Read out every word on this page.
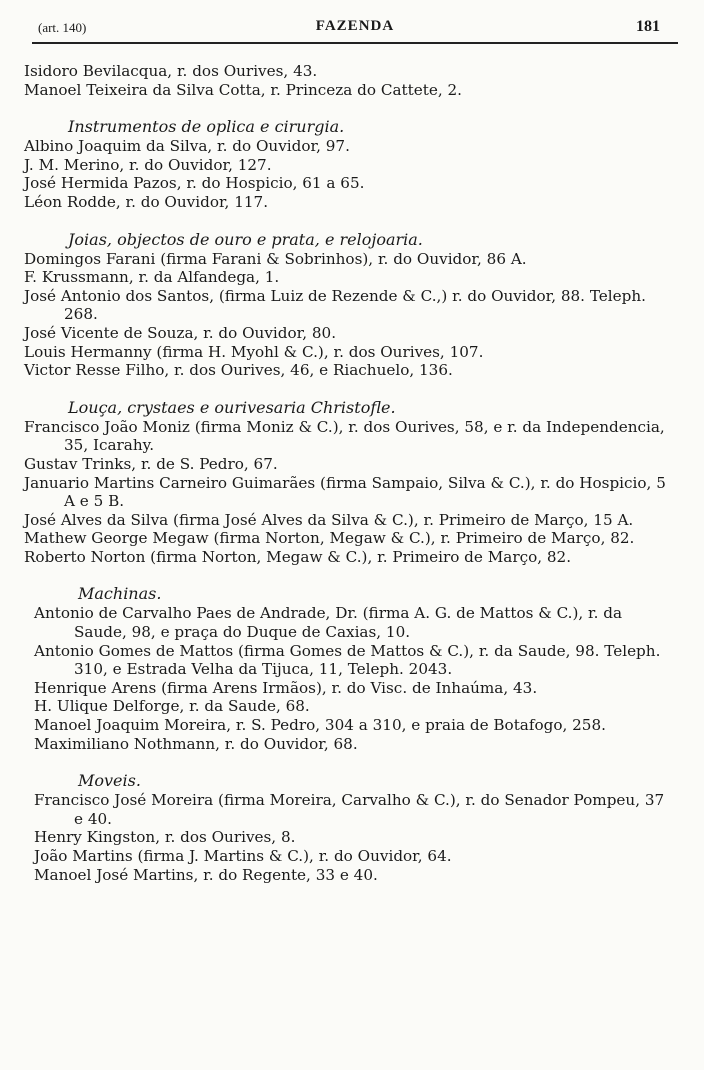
(art. 140)	FAZENDA	181

Isidoro Bevilacqua, r. dos Ourives, 43.

Manoel Teixeira da Silva Cotta, r. Princeza do Cattete, 2.

Instrumentos de oplica e cirurgia.

Albino Joaquim da Silva, r. do Ouvidor, 97.

J. M. Merino, r. do Ouvidor, 127.

José Hermida Pazos, r. do Hospicio, 61 a 65.

Léon Rodde, r. do Ouvidor, 117.

Joias, objectos de ouro e prata, e relojoaria.

Domingos Farani (firma Farani & Sobrinhos), r. do Ouvidor, 86 A.

F. Krussmann, r. da Alfandega, 1.

José Antonio dos Santos, (firma Luiz de Rezende & C.,) r. do Ouvidor, 88. Teleph. 268.

José Vicente de Souza, r. do Ouvidor, 80.

Louis Hermanny (firma H. Myohl & C.), r. dos Ourives, 107.

Victor Resse Filho, r. dos Ourives, 46, e Riachuelo, 136.

Louça, crystaes e ourivesaria Christofle.

Francisco João Moniz (firma Moniz & C.), r. dos Ourives, 58, e r. da Independencia, 35, Icarahy.

Gustav Trinks, r. de S. Pedro, 67.

Januario Martins Carneiro Guimarães (firma Sampaio, Silva & C.), r. do Hospicio, 5 A e 5 B.

José Alves da Silva (firma José Alves da Silva & C.), r. Primeiro de Março, 15 A.

Mathew George Megaw (firma Norton, Megaw & C.), r. Primeiro de Março, 82.

Roberto Norton (firma Norton, Megaw & C.), r. Primeiro de Março, 82.

Machinas.

Antonio de Carvalho Paes de Andrade, Dr. (firma A. G. de Mattos & C.), r. da Saude, 98, e praça do Duque de Caxias, 10.

Antonio Gomes de Mattos (firma Gomes de Mattos & C.), r. da Saude, 98. Teleph. 310, e Estrada Velha da Tijuca, 11, Teleph. 2043.

Henrique Arens (firma Arens Irmãos), r. do Visc. de Inhaúma, 43.

H. Ulique Delforge, r. da Saude, 68.

Manoel Joaquim Moreira, r. S. Pedro, 304 a 310, e praia de Botafogo, 258.

Maximiliano Nothmann, r. do Ouvidor, 68.

Moveis.

Francisco José Moreira (firma Moreira, Carvalho & C.), r. do Senador Pompeu, 37 e 40.

Henry Kingston, r. dos Ourives, 8.

João Martins (firma J. Martins & C.), r. do Ouvidor, 64.

Manoel José Martins, r. do Regente, 33 e 40.
